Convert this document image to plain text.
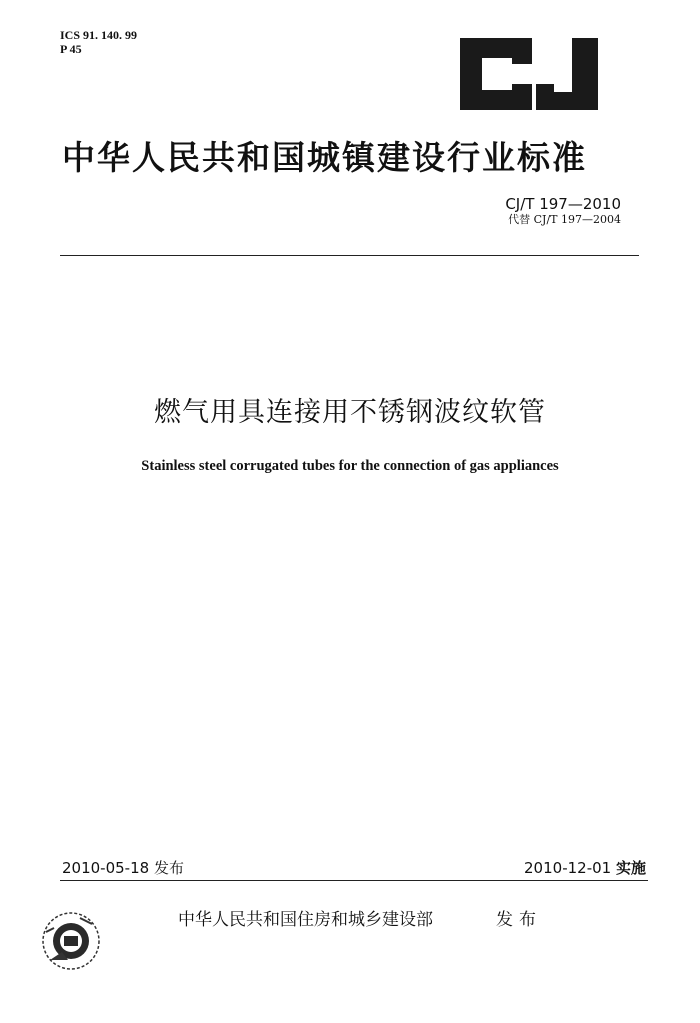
ICS 91. 140. 99
P 45
中华人民共和国城镇建设行业标准
CJ/T 197—2010
代替 CJ/T 197—2004
燃气用具连接用不锈钢波纹软管
Stainless steel corrugated tubes for the connection of gas appliances
2010-05-18 发布	2010-12-01 实施
中华人民共和国住房和城乡建设部	发布
